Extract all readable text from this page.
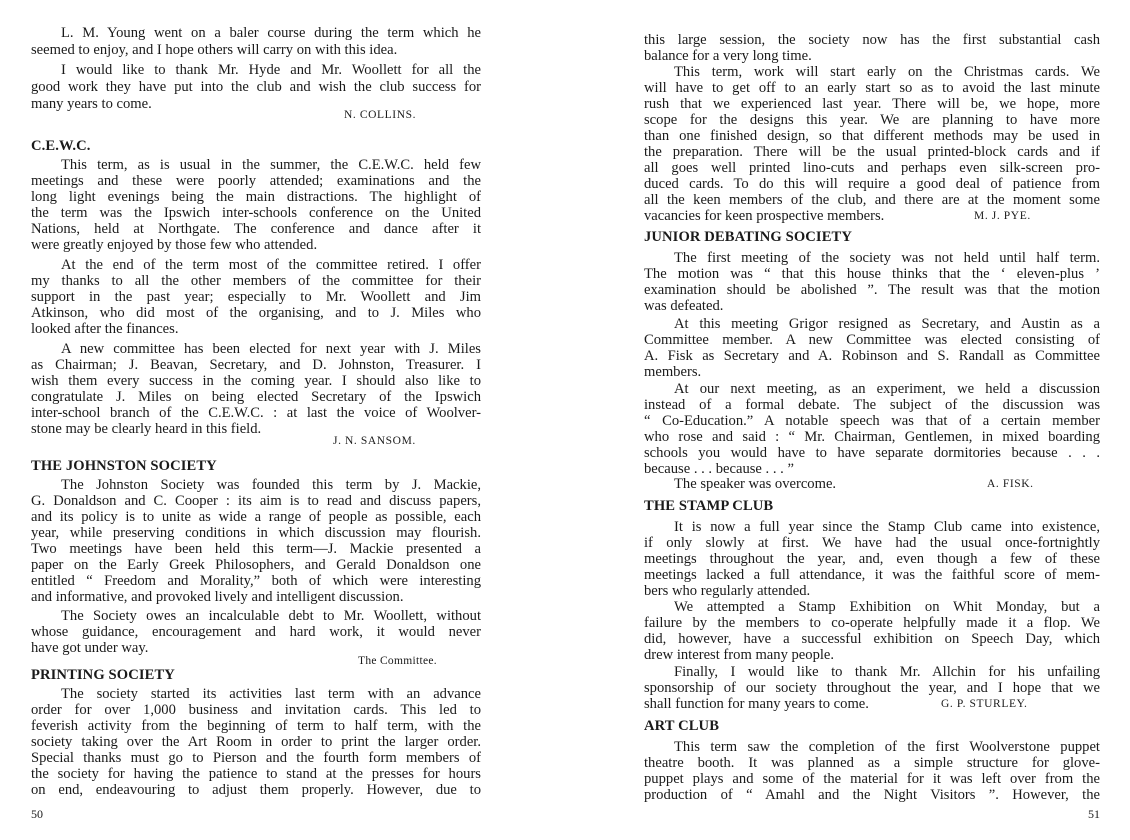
L. M. Young went on a baler course during the term which he
seemed to enjoy, and I hope others will carry on with this idea.
I would like to thank Mr. Hyde and Mr. Woollett for all the
good work they have put into the club and wish the club success for
many years to come.
N. COLLINS.
C.E.W.C.
This term, as is usual in the summer, the C.E.W.C. held few
meetings and these were poorly attended; examinations and the
long light evenings being the main distractions. The highlight of
the term was the Ipswich inter-schools conference on the United
Nations, held at Northgate. The conference and dance after it
were greatly enjoyed by those few who attended.
At the end of the term most of the committee retired. I offer
my thanks to all the other members of the committee for their
support in the past year; especially to Mr. Woollett and Jim
Atkinson, who did most of the organising, and to J. Miles who
looked after the finances.
A new committee has been elected for next year with J. Miles
as Chairman; J. Beavan, Secretary, and D. Johnston, Treasurer. I
wish them every success in the coming year. I should also like to
congratulate J. Miles on being elected Secretary of the Ipswich
inter-school branch of the C.E.W.C. : at last the voice of Woolver-
stone may be clearly heard in this field.
J. N. SANSOM.
THE JOHNSTON SOCIETY
The Johnston Society was founded this term by J. Mackie,
G. Donaldson and C. Cooper : its aim is to read and discuss papers,
and its policy is to unite as wide a range of people as possible, each
year, while preserving conditions in which discussion may flourish.
Two meetings have been held this term—J. Mackie presented a
paper on the Early Greek Philosophers, and Gerald Donaldson one
entitled “ Freedom and Morality,” both of which were interesting
and informative, and provoked lively and intelligent discussion.
The Society owes an incalculable debt to Mr. Woollett, without
whose guidance, encouragement and hard work, it would never
have got under way.
The Committee.
PRINTING SOCIETY
The society started its activities last term with an advance
order for over 1,000 business and invitation cards. This led to
feverish activity from the beginning of term to half term, with the
society taking over the Art Room in order to print the larger order.
Special thanks must go to Pierson and the fourth form members of
the society for having the patience to stand at the presses for hours
on end, endeavouring to adjust them properly. However, due to
50
this large session, the society now has the first substantial cash
balance for a very long time.
This term, work will start early on the Christmas cards. We
will have to get off to an early start so as to avoid the last minute
rush that we experienced last year. There will be, we hope, more
scope for the designs this year. We are planning to have more
than one finished design, so that different methods may be used in
the preparation. There will be the usual printed-block cards and if
all goes well printed lino-cuts and perhaps even silk-screen pro-
duced cards. To do this will require a good deal of patience from
all the keen members of the club, and there are at the moment some
vacancies for keen prospective members.	M. J. PYE.
JUNIOR DEBATING SOCIETY
The first meeting of the society was not held until half term.
The motion was “ that this house thinks that the ‘ eleven-plus ’
examination should be abolished ”. The result was that the motion
was defeated.
At this meeting Grigor resigned as Secretary, and Austin as a
Committee member. A new Committee was elected consisting of
A. Fisk as Secretary and A. Robinson and S. Randall as Committee
members.
At our next meeting, as an experiment, we held a discussion
instead of a formal debate. The subject of the discussion was
“ Co-Education.” A notable speech was that of a certain member
who rose and said : “ Mr. Chairman, Gentlemen, in mixed boarding
schools you would have to have separate dormitories because . . .
because . . . because . . . ”
The speaker was overcome.	A. FISK.
THE STAMP CLUB
It is now a full year since the Stamp Club came into existence,
if only slowly at first. We have had the usual once-fortnightly
meetings throughout the year, and, even though a few of these
meetings lacked a full attendance, it was the faithful score of mem-
bers who regularly attended.
We attempted a Stamp Exhibition on Whit Monday, but a
failure by the members to co-operate helpfully made it a flop. We
did, however, have a successful exhibition on Speech Day, which
drew interest from many people.
Finally, I would like to thank Mr. Allchin for his unfailing
sponsorship of our society throughout the year, and I hope that we
shall function for many years to come.	G. P. STURLEY.
ART CLUB
This term saw the completion of the first Woolverstone puppet
theatre booth. It was planned as a simple structure for glove-
puppet plays and some of the material for it was left over from the
production of “ Amahl and the Night Visitors ”. However, the
51
